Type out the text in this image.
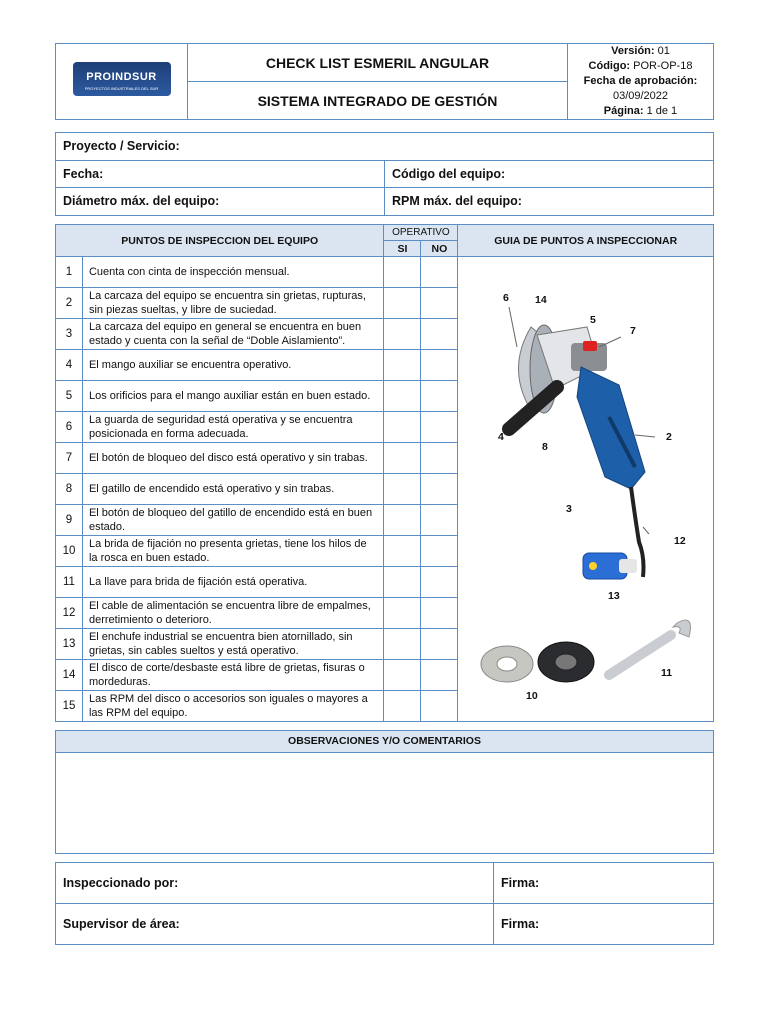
PROINDSUR
PROYECTOS INDUSTRIALES DEL SUR
	CHECK LIST ESMERIL ANGULAR	
Versión: 01
Código: POR-OP-18
Fecha de aprobación:
03/09/2022
Página: 1 de 1

SISTEMA INTEGRADO DE GESTIÓN
Proyecto / Servicio:	
Fecha:	Código del equipo:
Diámetro máx. del equipo:	RPM máx. del equipo:
PUNTOS DE INSPECCION DEL EQUIPO		OPERATIVO		GUIA DE PUNTOS A INSPECCIONAR
		SI	NO	
1	Cuenta con cinta de inspección mensual.			
2	La carcaza del equipo se encuentra sin grietas, rupturas, sin piezas sueltas, y libre de suciedad.			
3	La carcaza del equipo en general se encuentra en buen estado y cuenta con la señal de “Doble Aislamiento”.			
4	El mango auxiliar se encuentra operativo.			
5	Los orificios para el mango auxiliar están en buen estado.			
6	La guarda de seguridad está operativa y se encuentra posicionada en forma adecuada.			
7	El botón de bloqueo del disco está operativo y sin trabas.			
8	El gatillo de encendido está operativo y sin trabas.			
9	El botón de bloqueo del gatillo de encendido está en buen estado.			
10	La brida de fijación no presenta grietas, tiene los hilos de la rosca en buen estado.			
11	La llave para brida de fijación está operativa.			
12	El cable de alimentación se encuentra libre de empalmes, derretimiento o deterioro.			
13	El enchufe industrial se encuentra bien atornillado, sin grietas, sin cables sueltos y está operativo.			
14	El disco de corte/desbaste está libre de grietas, fisuras o mordeduras.			
15	Las RPM del disco o accesorios son iguales o mayores a las RPM del equipo.			
6 14
5
7
4
8
2
3
12
13
11
10
OBSERVACIONES Y/O COMENTARIOS
Inspeccionado por:	Firma:
Supervisor de área:	Firma:
